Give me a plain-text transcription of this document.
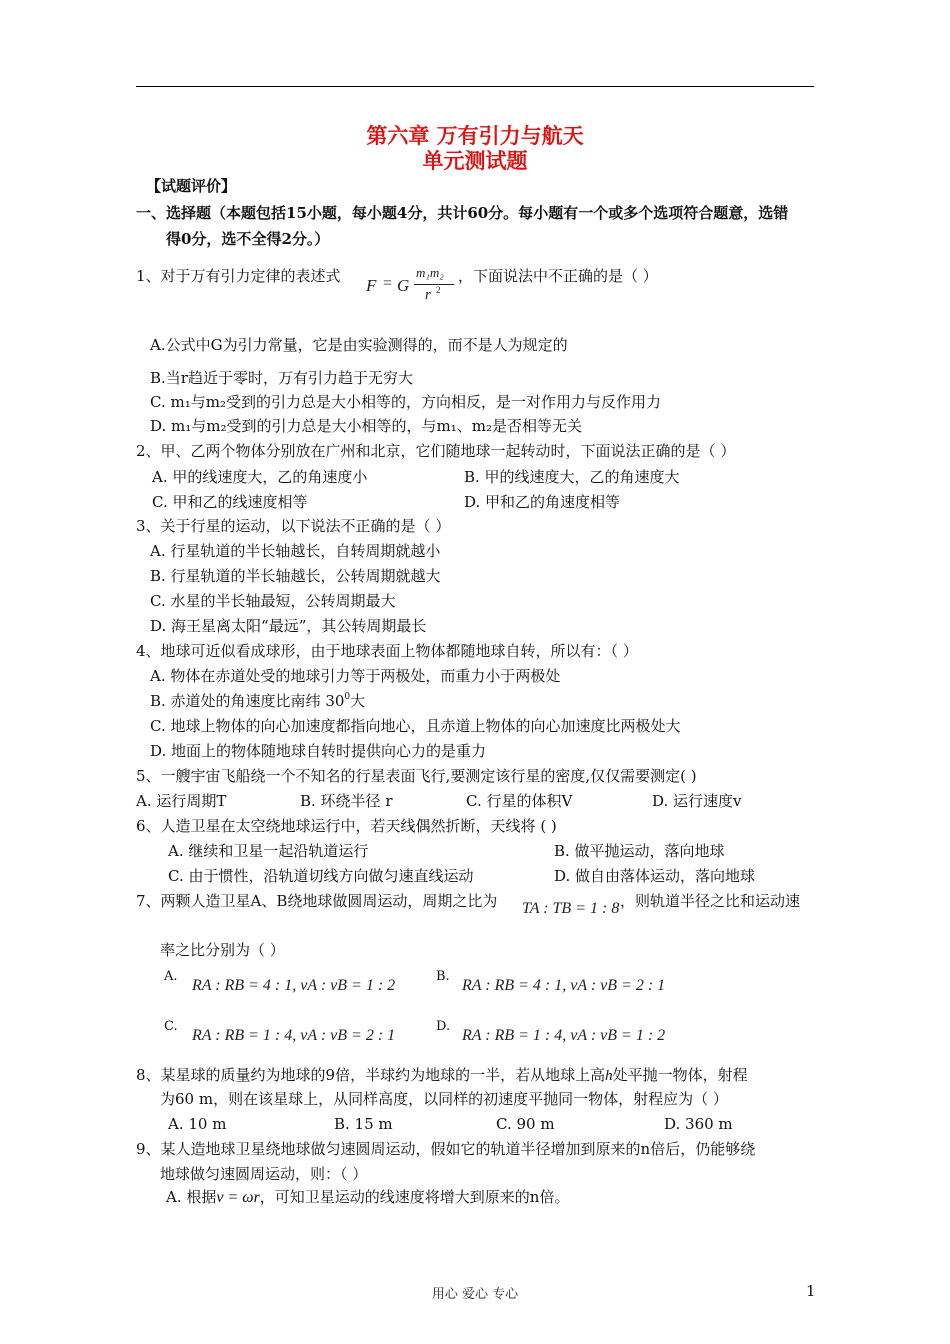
第六章 万有引力与航天
单元测试题
【试题评价】
一、选择题（本题包括15小题，每小题4分，共计60分。每小题有一个或多个选项符合题意，选错
得0分，选不全得2分。）
1、对于万有引力定律的表述式 F = G
m₁m₂
r 2
，下面说法中不正确的是（ ）
A.公式中G为引力常量，它是由实验测得的，而不是人为规定的
B.当r趋近于零时，万有引力趋于无穷大
C. m₁与m₂受到的引力总是大小相等的，方向相反，是一对作用力与反作用力
D. m₁与m₂受到的引力总是大小相等的，与m₁、m₂是否相等无关
2、甲、乙两个物体分别放在广州和北京，它们随地球一起转动时，下面说法正确的是（ ）
A. 甲的线速度大，乙的角速度小	B. 甲的线速度大，乙的角速度大
C. 甲和乙的线速度相等	D. 甲和乙的角速度相等
3、关于行星的运动，以下说法不正确的是（ ）
A. 行星轨道的半长轴越长，自转周期就越小
B. 行星轨道的半长轴越长，公转周期就越大
C. 水星的半长轴最短，公转周期最大
D. 海王星离太阳“最远”，其公转周期最长
4、地球可近似看成球形，由于地球表面上物体都随地球自转，所以有：（ ）
A. 物体在赤道处受的地球引力等于两极处，而重力小于两极处
B. 赤道处的角速度比南纬 $30^0$大
C. 地球上物体的向心加速度都指向地心，且赤道上物体的向心加速度比两极处大
D. 地面上的物体随地球自转时提供向心力的是重力
5、一艘宇宙飞船绕一个不知名的行星表面飞行,要测定该行星的密度,仅仅需要测定( )
A. 运行周期T	B. 环绕半径 r	C. 行星的体积V	D. 运行速度v
6、人造卫星在太空绕地球运行中，若天线偶然折断，天线将 ( )
A. 继续和卫星一起沿轨道运行	B. 做平抛运动，落向地球
C. 由于惯性，沿轨道切线方向做匀速直线运动	D. 做自由落体运动，落向地球
7、两颗人造卫星A、B绕地球做圆周运动，周期之比为 TA : TB = 1 : 8 ，则轨道半径之比和运动速
率之比分别为（ ）
A.
RA : RB = 4 : 1, vA : vB = 1 : 2
B.
RA : RB = 4 : 1, vA : vB = 2 : 1
C.
RA : RB = 1 : 4, vA : vB = 2 : 1
D.
RA : RB = 1 : 4, vA : vB = 1 : 2
8、某星球的质量约为地球的9倍，半球约为地球的一半，若从地球上高h处平抛一物体，射程
为60 m，则在该星球上，从同样高度，以同样的初速度平抛同一物体，射程应为（ ）
A. 10 m	B. 15 m	C. 90 m	D. 360 m
9、某人造地球卫星绕地球做匀速圆周运动，假如它的轨道半径增加到原来的n倍后，仍能够绕
地球做匀速圆周运动，则：（ ）
A. 根据v = ωr，可知卫星运动的线速度将增大到原来的n倍。
用心 爱心 专心	1
